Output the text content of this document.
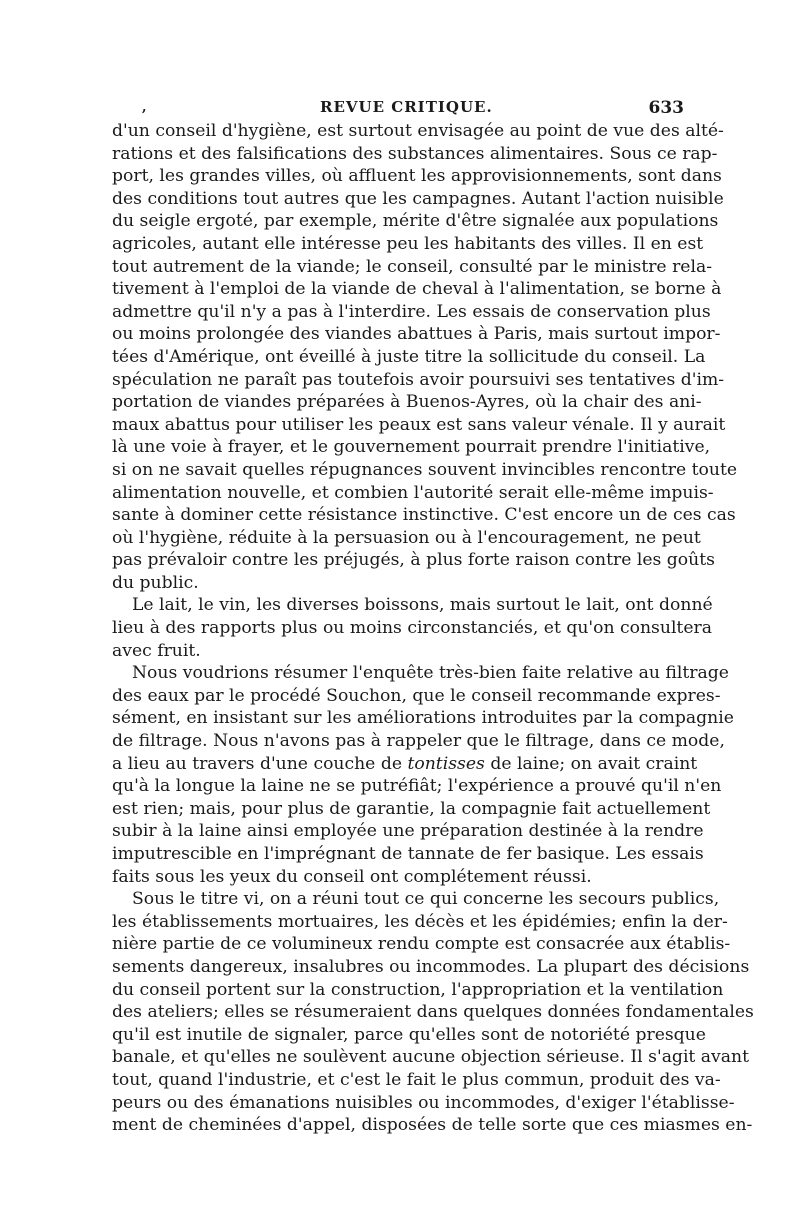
,	REVUE CRITIQUE.	633
d'un conseil d'hygiène, est surtout envisagée au point de vue des alté-
rations et des falsifications des substances alimentaires. Sous ce rap-
port, les grandes villes, où affluent les approvisionnements, sont dans
des conditions tout autres que les campagnes. Autant l'action nuisible
du seigle ergoté, par exemple, mérite d'être signalée aux populations
agricoles, autant elle intéresse peu les habitants des villes. Il en est
tout autrement de la viande; le conseil, consulté par le ministre rela-
tivement à l'emploi de la viande de cheval à l'alimentation, se borne à
admettre qu'il n'y a pas à l'interdire. Les essais de conservation plus
ou moins prolongée des viandes abattues à Paris, mais surtout impor-
tées d'Amérique, ont éveillé à juste titre la sollicitude du conseil. La
spéculation ne paraît pas toutefois avoir poursuivi ses tentatives d'im-
portation de viandes préparées à Buenos-Ayres, où la chair des ani-
maux abattus pour utiliser les peaux est sans valeur vénale. Il y aurait
là une voie à frayer, et le gouvernement pourrait prendre l'initiative,
si on ne savait quelles répugnances souvent invincibles rencontre toute
alimentation nouvelle, et combien l'autorité serait elle-même impuis-
sante à dominer cette résistance instinctive. C'est encore un de ces cas
où l'hygiène, réduite à la persuasion ou à l'encouragement, ne peut
pas prévaloir contre les préjugés, à plus forte raison contre les goûts
du public.
Le lait, le vin, les diverses boissons, mais surtout le lait, ont donné
lieu à des rapports plus ou moins circonstanciés, et qu'on consultera
avec fruit.
Nous voudrions résumer l'enquête très-bien faite relative au filtrage
des eaux par le procédé Souchon, que le conseil recommande expres-
sément, en insistant sur les améliorations introduites par la compagnie
de filtrage. Nous n'avons pas à rappeler que le filtrage, dans ce mode,
a lieu au travers d'une couche de tontisses de laine; on avait craint
qu'à la longue la laine ne se putréfiât; l'expérience a prouvé qu'il n'en
est rien; mais, pour plus de garantie, la compagnie fait actuellement
subir à la laine ainsi employée une préparation destinée à la rendre
imputrescible en l'imprégnant de tannate de fer basique. Les essais
faits sous les yeux du conseil ont complétement réussi.
Sous le titre vi, on a réuni tout ce qui concerne les secours publics,
les établissements mortuaires, les décès et les épidémies; enfin la der-
nière partie de ce volumineux rendu compte est consacrée aux établis-
sements dangereux, insalubres ou incommodes. La plupart des décisions
du conseil portent sur la construction, l'appropriation et la ventilation
des ateliers; elles se résumeraient dans quelques données fondamentales
qu'il est inutile de signaler, parce qu'elles sont de notoriété presque
banale, et qu'elles ne soulèvent aucune objection sérieuse. Il s'agit avant
tout, quand l'industrie, et c'est le fait le plus commun, produit des va-
peurs ou des émanations nuisibles ou incommodes, d'exiger l'établisse-
ment de cheminées d'appel, disposées de telle sorte que ces miasmes en-
